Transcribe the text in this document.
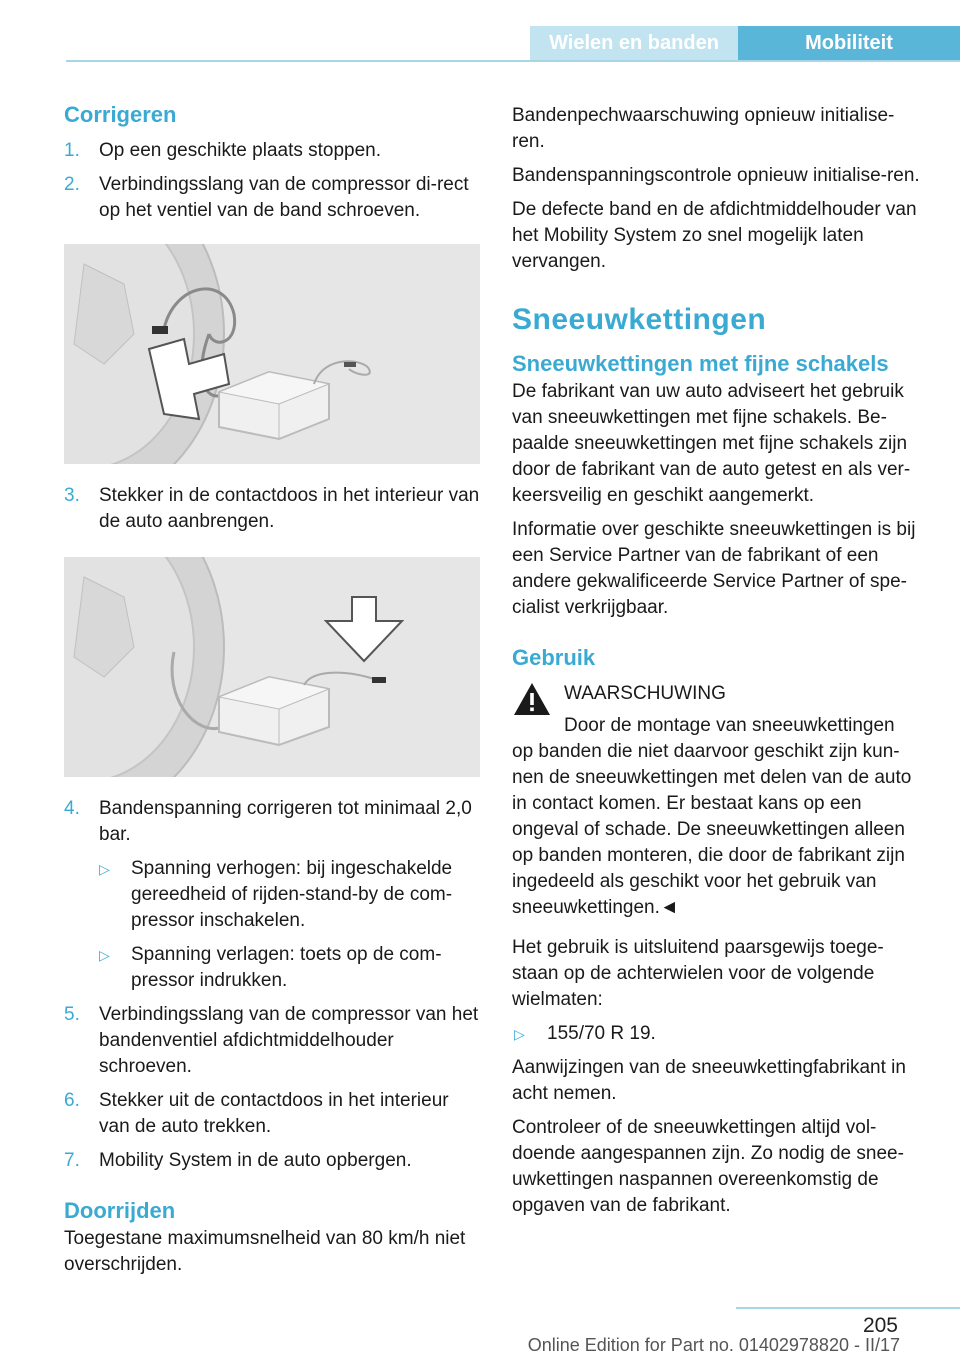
Wielen en banden	Mobiliteit
Corrigeren
1. Op een geschikte plaats stoppen.
2. Verbindingsslang van de compressor di-rect op het ventiel van de band schroeven.
3. Stekker in de contactdoos in het interieur van de auto aanbrengen.
4. Bandenspanning corrigeren tot minimaal 2,0 bar.
▷ Spanning verhogen: bij ingeschakelde gereedheid of rijden-stand-by de com-pressor inschakelen.
▷ Spanning verlagen: toets op de com-pressor indrukken.
5. Verbindingsslang van de compressor van het bandenventiel afdichtmiddelhouder schroeven.
6. Stekker uit de contactdoos in het interieur van de auto trekken.
7. Mobility System in de auto opbergen.
Doorrijden

Toegestane maximumsnelheid van 80 km/h niet overschrijden.

Bandenpechwaarschuwing opnieuw initialise-ren.

Bandenspanningscontrole opnieuw initialise-ren.

De defecte band en de afdichtmiddelhouder van het Mobility System zo snel mogelijk laten vervangen.

Sneeuwkettingen
Sneeuwkettingen met fijne schakels

De fabrikant van uw auto adviseert het gebruik van sneeuwkettingen met fijne schakels. Be-paalde sneeuwkettingen met fijne schakels zijn door de fabrikant van de auto getest en als ver-keersveilig en geschikt aangemerkt.

Informatie over geschikte sneeuwkettingen is bij een Service Partner van de fabrikant of een andere gekwalificeerde Service Partner of spe-cialist verkrijgbaar.

Gebruik

WAARSCHUWING

Door de montage van sneeuwkettingen

op banden die niet daarvoor geschikt zijn kun-nen de sneeuwkettingen met delen van de auto in contact komen. Er bestaat kans op een ongeval of schade. De sneeuwkettingen alleen op banden monteren, die door de fabrikant zijn ingedeeld als geschikt voor het gebruik van sneeuwkettingen.◄

Het gebruik is uitsluitend paarsgewijs toege-staan op de achterwielen voor de volgende wielmaten:

▷ 155/70 R 19.

Aanwijzingen van de sneeuwkettingfabrikant in acht nemen.

Controleer of de sneeuwkettingen altijd vol-doende aangespannen zijn. Zo nodig de snee-uwkettingen naspannen overeenkomstig de opgaven van de fabrikant.

205
Online Edition for Part no. 01402978820 - II/17
